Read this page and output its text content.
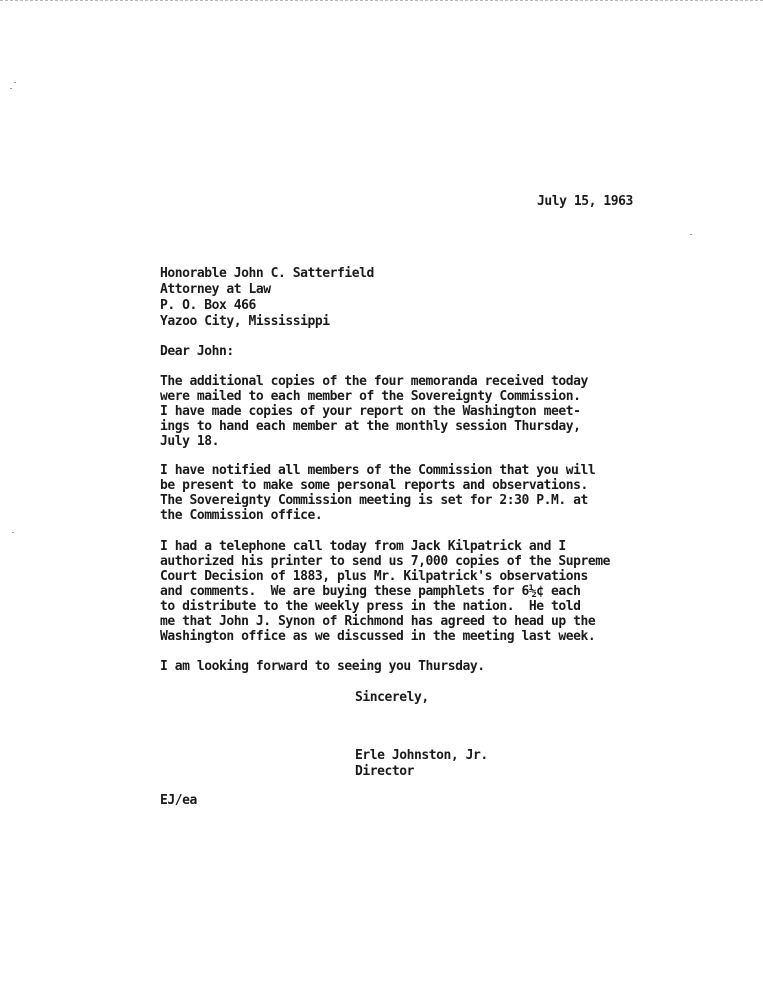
July 15, 1963
Honorable John C. Satterfield
Attorney at Law
P. O. Box 466
Yazoo City, Mississippi
Dear John:
The additional copies of the four memoranda received today
were mailed to each member of the Sovereignty Commission.
I have made copies of your report on the Washington meet-
ings to hand each member at the monthly session Thursday,
July 18.
I have notified all members of the Commission that you will
be present to make some personal reports and observations.
The Sovereignty Commission meeting is set for 2:30 P.M. at
the Commission office.
I had a telephone call today from Jack Kilpatrick and I
authorized his printer to send us 7,000 copies of the Supreme
Court Decision of 1883, plus Mr. Kilpatrick's observations
and comments.  We are buying these pamphlets for 6½¢ each
to distribute to the weekly press in the nation.  He told
me that John J. Synon of Richmond has agreed to head up the
Washington office as we discussed in the meeting last week.
I am looking forward to seeing you Thursday.
Sincerely,
Erle Johnston, Jr.
Director
EJ/ea
